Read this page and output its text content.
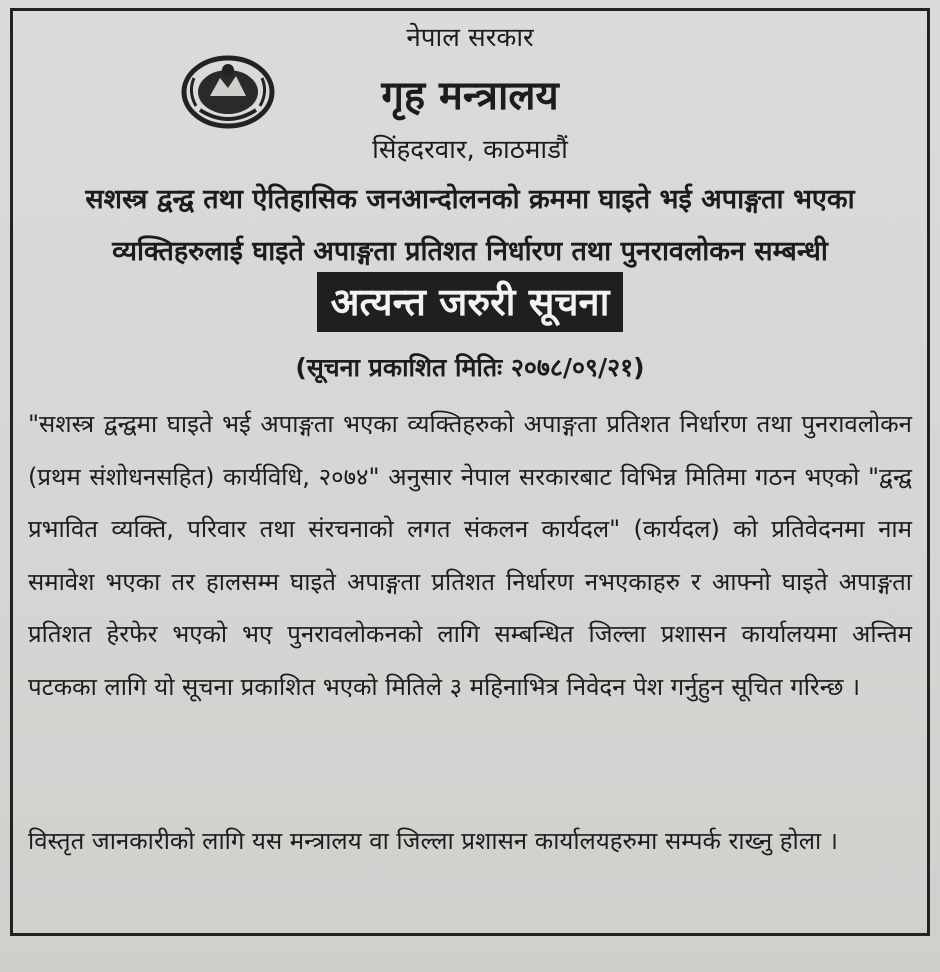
नेपाल सरकार
गृह मन्त्रालय
सिंहदरवार, काठमाडौं
सशस्त्र द्वन्द्व तथा ऐतिहासिक जनआन्दोलनको क्रममा घाइते भई अपाङ्गता भएका
व्यक्तिहरुलाई घाइते अपाङ्गता प्रतिशत निर्धारण तथा पुनरावलोकन सम्बन्धी
अत्यन्त जरुरी सूचना
(सूचना प्रकाशित मितिः २०७८/०९/२१)

"सशस्त्र द्वन्द्वमा घाइते भई अपाङ्गता भएका व्यक्तिहरुको अपाङ्गता प्रतिशत निर्धारण तथा पुनरावलोकन (प्रथम संशोधनसहित) कार्यविधि, २०७४" अनुसार नेपाल सरकारबाट विभिन्न मितिमा गठन भएको "द्वन्द्व प्रभावित व्यक्ति, परिवार तथा संरचनाको लगत संकलन कार्यदल" (कार्यदल) को प्रतिवेदनमा नाम समावेश भएका तर हालसम्म घाइते अपाङ्गता प्रतिशत निर्धारण नभएकाहरु र आफ्नो घाइते अपाङ्गता प्रतिशत हेरफेर भएको भए पुनरावलोकनको लागि सम्बन्धित जिल्ला प्रशासन कार्यालयमा अन्तिम पटकका लागि यो सूचना प्रकाशित भएको मितिले ३ महिनाभित्र निवेदन पेश गर्नुहुन सूचित गरिन्छ ।

विस्तृत जानकारीको लागि यस मन्त्रालय वा जिल्ला प्रशासन कार्यालयहरुमा सम्पर्क राख्नु होला ।
